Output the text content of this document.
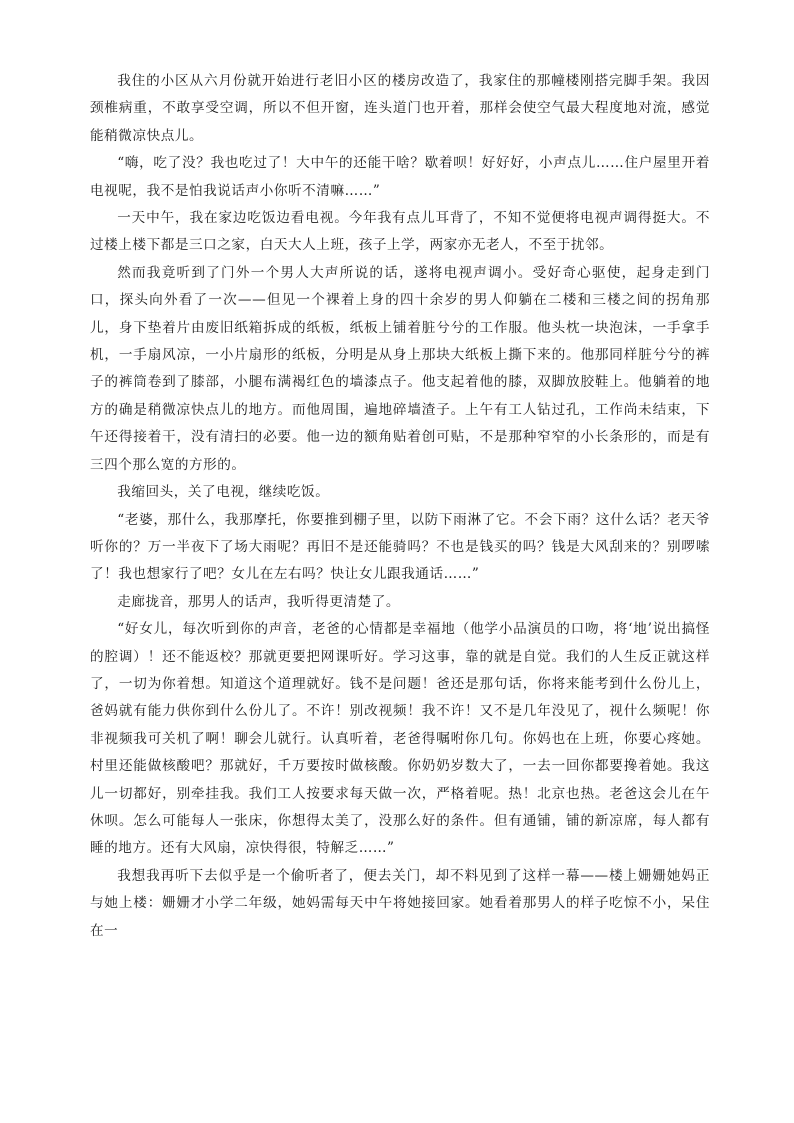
我住的小区从六月份就开始进行老旧小区的楼房改造了，我家住的那幢楼刚搭完脚手架。我因颈椎病重，不敢享受空调，所以不但开窗，连头道门也开着，那样会使空气最大程度地对流，感觉能稍微凉快点儿。

“嗨，吃了没？我也吃过了！大中午的还能干啥？歇着呗！好好好，小声点儿……住户屋里开着电视呢，我不是怕我说话声小你听不清嘛……”

一天中午，我在家边吃饭边看电视。今年我有点儿耳背了，不知不觉便将电视声调得挺大。不过楼上楼下都是三口之家，白天大人上班，孩子上学，两家亦无老人，不至于扰邻。

然而我竟听到了门外一个男人大声所说的话，遂将电视声调小。受好奇心驱使，起身走到门口，探头向外看了一次——但见一个裸着上身的四十余岁的男人仰躺在二楼和三楼之间的拐角那儿，身下垫着片由废旧纸箱拆成的纸板，纸板上铺着脏兮兮的工作服。他头枕一块泡沫，一手拿手机，一手扇风凉，一小片扇形的纸板，分明是从身上那块大纸板上撕下来的。他那同样脏兮兮的裤子的裤筒卷到了膝部，小腿布满褐红色的墙漆点子。他支起着他的膝，双脚放胶鞋上。他躺着的地方的确是稍微凉快点儿的地方。而他周围，遍地碎墙渣子。上午有工人钻过孔，工作尚未结束，下午还得接着干，没有清扫的必要。他一边的额角贴着创可贴，不是那种窄窄的小长条形的，而是有三四个那么宽的方形的。

我缩回头，关了电视，继续吃饭。

“老婆，那什么，我那摩托，你要推到棚子里，以防下雨淋了它。不会下雨？这什么话？老天爷听你的？万一半夜下了场大雨呢？再旧不是还能骑吗？不也是钱买的吗？钱是大风刮来的？别啰嗦了！我也想家行了吧？女儿在左右吗？快让女儿跟我通话……”

走廊拢音，那男人的话声，我听得更清楚了。

“好女儿，每次听到你的声音，老爸的心情都是幸福地（他学小品演员的口吻，将‘地’说出搞怪的腔调）！还不能返校？那就更要把网课听好。学习这事，靠的就是自觉。我们的人生反正就这样了，一切为你着想。知道这个道理就好。钱不是问题！爸还是那句话，你将来能考到什么份儿上，爸妈就有能力供你到什么份儿了。不许！别改视频！我不许！又不是几年没见了，视什么频呢！你非视频我可关机了啊！聊会儿就行。认真听着，老爸得嘱咐你几句。你妈也在上班，你要心疼她。村里还能做核酸吧？那就好，千万要按时做核酸。你奶奶岁数大了，一去一回你都要搀着她。我这儿一切都好，别牵挂我。我们工人按要求每天做一次，严格着呢。热！北京也热。老爸这会儿在午休呗。怎么可能每人一张床，你想得太美了，没那么好的条件。但有通铺，铺的新凉席，每人都有睡的地方。还有大风扇，凉快得很，特解乏……”

我想我再听下去似乎是一个偷听者了，便去关门，却不料见到了这样一幕——楼上姗姗她妈正与她上楼：姗姗才小学二年级，她妈需每天中午将她接回家。她看着那男人的样子吃惊不小，呆住在一
